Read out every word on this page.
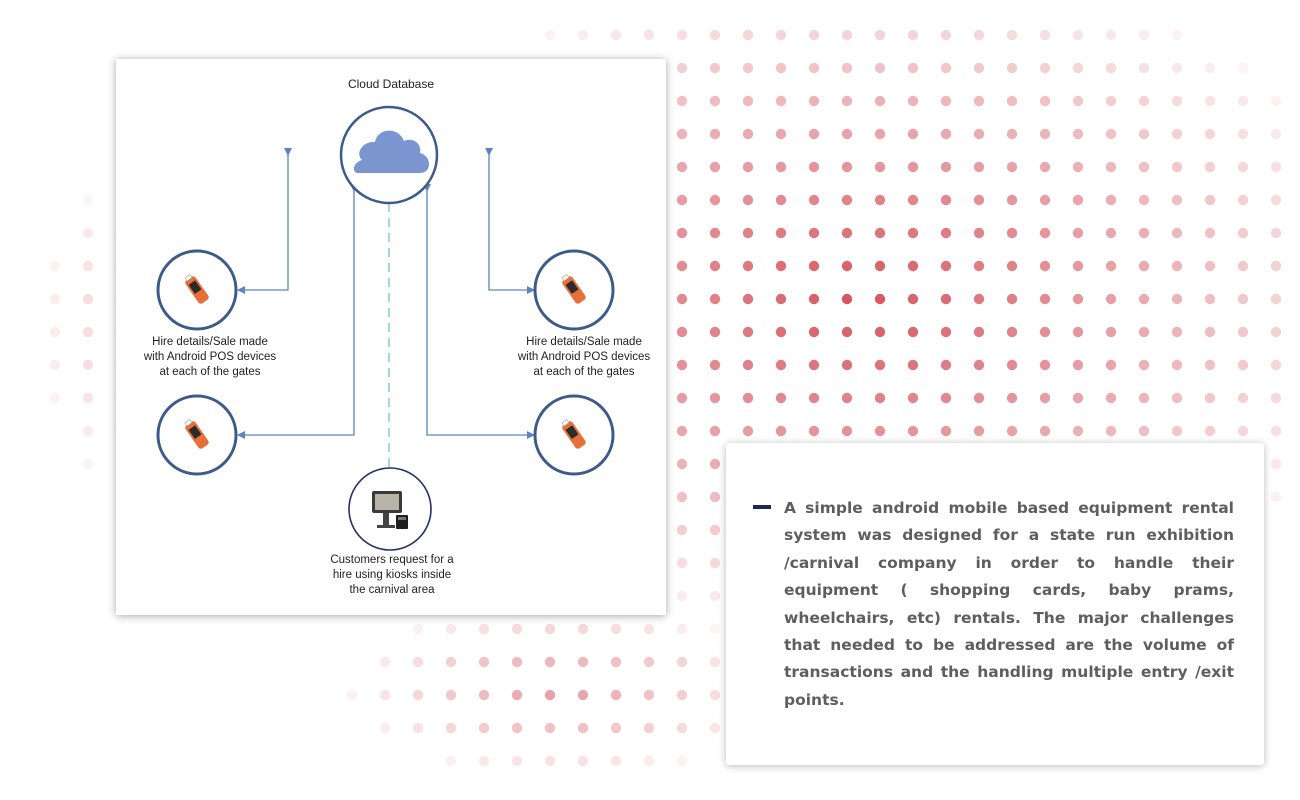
Cloud Database
Hire details/Sale made
with Android POS devices
at each of the gates
Hire details/Sale made
with Android POS devices
at each of the gates
Customers request for a
hire using kiosks inside
the carnival area
A simple android mobile based equipment rental system was designed for a state run exhibition /carnival company in order to handle their equipment ( shopping cards, baby prams, wheelchairs, etc) rentals. The major challenges that needed to be addressed are the volume of transactions and the handling multiple entry /exit points.
